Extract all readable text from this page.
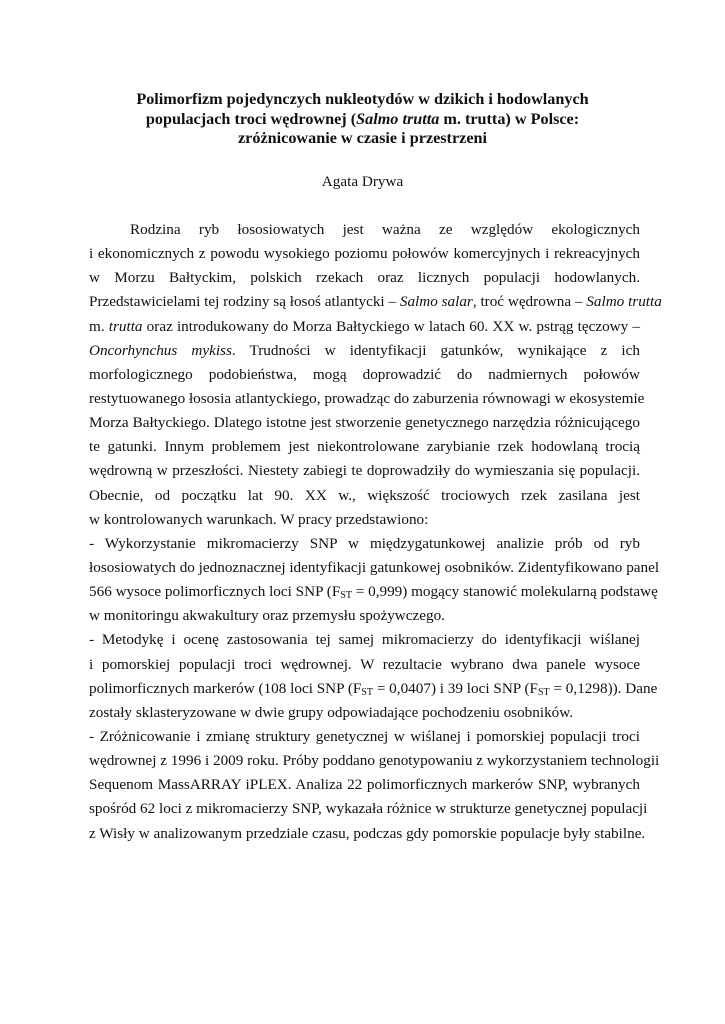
Polimorfizm pojedynczych nukleotydów w dzikich i hodowlanych
populacjach troci wędrownej (Salmo trutta m. trutta) w Polsce:
zróżnicowanie w czasie i przestrzeni
Agata Drywa
Rodzina ryb łososiowatych jest ważna ze względów ekologicznych
i ekonomicznych z powodu wysokiego poziomu połowów komercyjnych i rekreacyjnych
w Morzu Bałtyckim, polskich rzekach oraz licznych populacji hodowlanych.
Przedstawicielami tej rodziny są łosoś atlantycki – Salmo salar, troć wędrowna – Salmo trutta
m. trutta oraz introdukowany do Morza Bałtyckiego w latach 60. XX w. pstrąg tęczowy –
Oncorhynchus mykiss. Trudności w identyfikacji gatunków, wynikające z ich
morfologicznego podobieństwa, mogą doprowadzić do nadmiernych połowów
restytuowanego łososia atlantyckiego, prowadząc do zaburzenia równowagi w ekosystemie
Morza Bałtyckiego. Dlatego istotne jest stworzenie genetycznego narzędzia różnicującego
te gatunki. Innym problemem jest niekontrolowane zarybianie rzek hodowlaną trocią
wędrowną w przeszłości. Niestety zabiegi te doprowadziły do wymieszania się populacji.
Obecnie, od początku lat 90. XX w., większość trociowych rzek zasilana jest
w kontrolowanych warunkach. W pracy przedstawiono:
- Wykorzystanie mikromacierzy SNP w międzygatunkowej analizie prób od ryb
łososiowatych do jednoznacznej identyfikacji gatunkowej osobników. Zidentyfikowano panel
566 wysoce polimorficznych loci SNP $(F_{ST} = 0,999)$ mogący stanowić molekularną podstawę
w monitoringu akwakultury oraz przemysłu spożywczego.
- Metodykę i ocenę zastosowania tej samej mikromacierzy do identyfikacji wiślanej
i pomorskiej populacji troci wędrownej. W rezultacie wybrano dwa panele wysoce
polimorficznych markerów (108 loci SNP $(F_{ST} = 0,0407)$ i 39 loci SNP $(F_{ST} = 0,1298)$). Dane
zostały sklasteryzowane w dwie grupy odpowiadające pochodzeniu osobników.
- Zróżnicowanie i zmianę struktury genetycznej w wiślanej i pomorskiej populacji troci
wędrownej z 1996 i 2009 roku. Próby poddano genotypowaniu z wykorzystaniem technologii
Sequenom MassARRAY iPLEX. Analiza 22 polimorficznych markerów SNP, wybranych
spośród 62 loci z mikromacierzy SNP, wykazała różnice w strukturze genetycznej populacji
z Wisły w analizowanym przedziale czasu, podczas gdy pomorskie populacje były stabilne.
